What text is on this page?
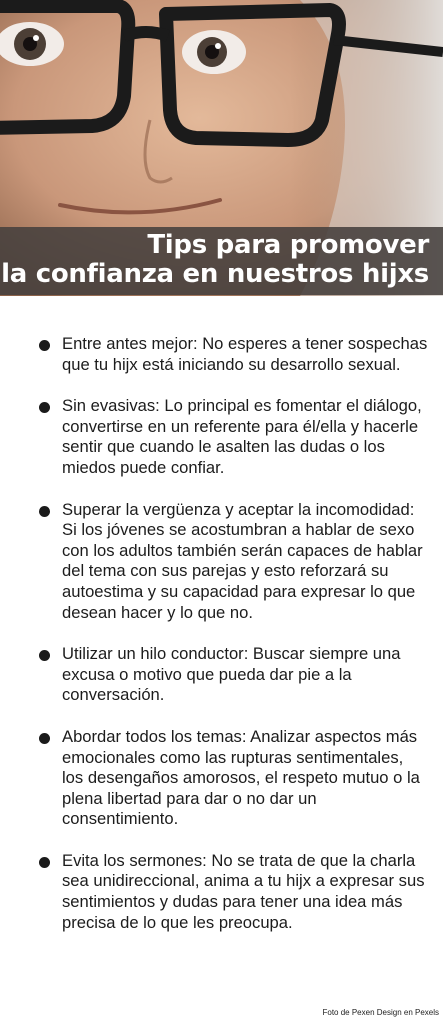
Tips para promover
la confianza en nuestros hijxs
Entre antes mejor: No esperes a tener sospechas que tu hijx está iniciando su desarrollo sexual.
Sin evasivas: Lo principal es fomentar el diálogo, convertirse en un referente para él/ella y hacerle sentir que cuando le asalten las dudas o los miedos puede confiar.
Superar la vergüenza y aceptar la incomodidad: Si los jóvenes se acostumbran a hablar de sexo con los adultos también serán capaces de hablar del tema con sus parejas y esto reforzará su autoestima y su capacidad para expresar lo que desean hacer y lo que no.
Utilizar un hilo conductor: Buscar siempre una excusa o motivo que pueda dar pie a la conversación.
Abordar todos los temas: Analizar aspectos más emocionales como las rupturas sentimentales, los desengaños amorosos, el respeto mutuo o la plena libertad para dar o no dar un consentimiento.
Evita los sermones: No se trata de que la charla sea unidireccional, anima a tu hijx a expresar sus sentimientos y dudas para tener una idea más precisa de lo que les preocupa.
Foto de Pexen Design en Pexels
